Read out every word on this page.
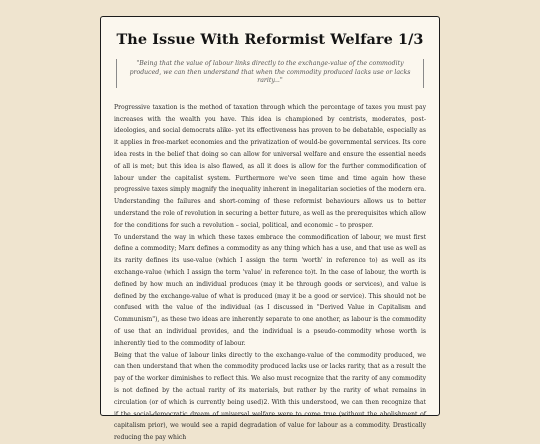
The Issue With Reformist Welfare 1/3
"Being that the value of labour links directly to the exchange-value of the commodity produced, we can then understand that when the commodity produced lacks use or lacks rarity..."

Progressive taxation is the method of taxation through which the percentage of taxes you must pay increases with the wealth you have. This idea is championed by centrists, moderates, post-ideologies, and social democrats alike- yet its effectiveness has proven to be debatable, especially as it applies in free-market economies and the privatization of would-be governmental services. Its core idea rests in the belief that doing so can allow for universal welfare and ensure the essential needs of all is met; but this idea is also flawed, as all it does is allow for the further commodification of labour under the capitalist system. Furthermore we've seen time and time again how these progressive taxes simply magnify the inequality inherent in inegalitarian societies of the modern era. Understanding the failures and short-coming of these reformist behaviours allows us to better understand the role of revolution in securing a better future, as well as the prerequisites which allow for the conditions for such a revolution – social, political, and economic – to prosper.

To understand the way in which these taxes embrace the commodification of labour, we must first define a commodity; Marx defines a commodity as any thing which has a use, and that use as well as its rarity defines its use-value (which I assign the term 'worth' in reference to) as well as its exchange-value (which I assign the term 'value' in reference to)t. In the case of labour, the worth is defined by how much an individual produces (may it be through goods or services), and value is defined by the exchange-value of what is produced (may it be a good or service). This should not be confused with the value of the individual (as I discussed in "Derived Value in Capitalism and Communism"), as these two ideas are inherently separate to one another, as labour is the commodity of use that an individual provides, and the individual is a pseudo-commodity whose worth is inherently tied to the commodity of labour.

Being that the value of labour links directly to the exchange-value of the commodity produced, we can then understand that when the commodity produced lacks use or lacks rarity, that as a result the pay of the worker diminishes to reflect this. We also must recognize that the rarity of any commodity is not defined by the actual rarity of its materials, but rather by the rarity of what remains in circulation (or of which is currently being used)2. With this understood, we can then recognize that if the social-democratic dream of universal welfare were to come true (without the abolishment of capitalism prior), we would see a rapid degradation of value for labour as a commodity. Drastically reducing the pay which
